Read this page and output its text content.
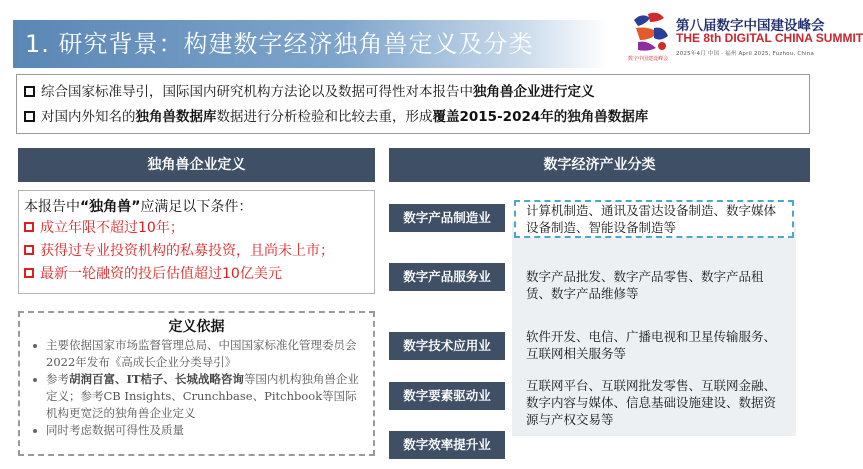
1. 研究背景：构建数字经济独角兽定义及分类
第八届数字中国建设峰会
THE 8th DIGITAL CHINA SUMMIT
2025年4月 中国 · 福州 April 2025, Fuzhou, China
数字中国建设峰会
综合国家标准导引，国际国内研究机构方法论以及数据可得性对本报告中独角兽企业进行定义
对国内外知名的独角兽数据库数据进行分析检验和比较去重，形成覆盖2015-2024年的独角兽数据库
独角兽企业定义	数字经济产业分类
本报告中“独角兽”应满足以下条件：
成立年限不超过10年；
获得过专业投资机构的私募投资，且尚未上市；
最新一轮融资的投后估值超过10亿美元
定义依据
主要依据国家市场监督管理总局、中国国家标准化管理委员会2022年发布《高成长企业分类导引》
参考胡润百富、IT桔子、长城战略咨询等国内机构独角兽企业定义；参考CB Insights、Crunchbase、Pitchbook等国际机构更宽泛的独角兽企业定义
同时考虑数据可得性及质量
数字产品制造业
数字产品服务业
数字技术应用业
数字要素驱动业
数字效率提升业
计算机制造、通讯及雷达设备制造、数字媒体设备制造、智能设备制造等
数字产品批发、数字产品零售、数字产品租赁、数字产品维修等
软件开发、电信、广播电视和卫星传输服务、互联网相关服务等
互联网平台、互联网批发零售、互联网金融、数字内容与媒体、信息基础设施建设、数据资源与产权交易等
